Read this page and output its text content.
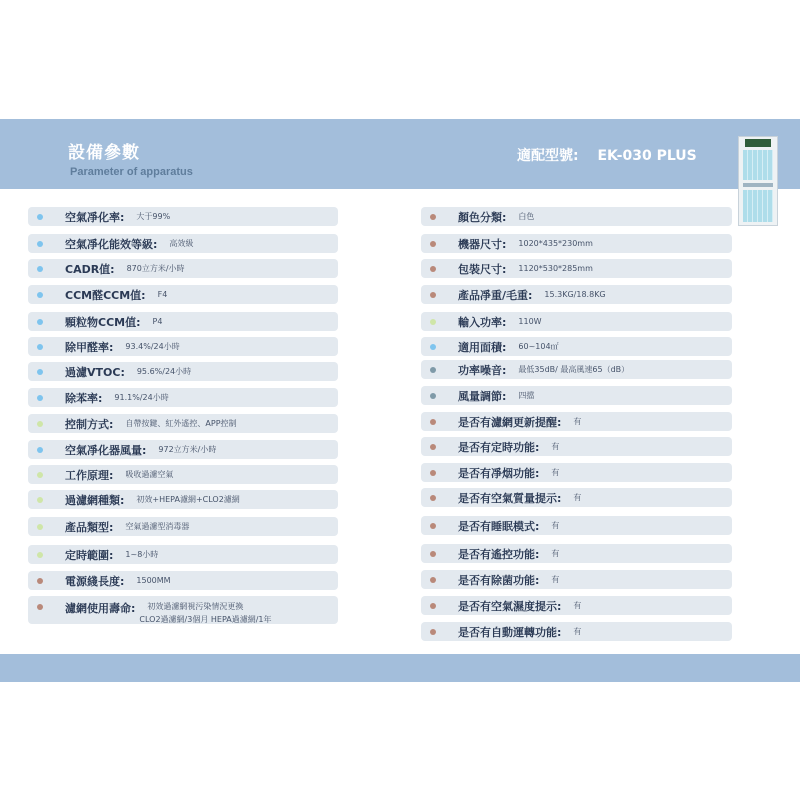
設備參數
Parameter of apparatus
適配型號: EK-030 PLUS
空氣凈化率: 大于99%
空氣凈化能效等級: 高效級
CADR值: 870立方米/小時
CCM醛CCM值: F4
顆粒物CCM值: P4
除甲醛率: 93.4%/24小時
過濾VTOC: 95.6%/24小時
除苯率: 91.1%/24小時
控制方式: 自帶按鍵、紅外遙控、APP控制
空氣凈化器風量: 972立方米/小時
工作原理: 吸收過濾空氣
過濾網種類: 初效+HEPA濾網+CLO2濾網
產品類型: 空氣過濾型消毒器
定時範圍: 1~8小時
電源綫長度: 1500MM
濾網使用壽命: 初效過濾網視污染情況更換
CLO2過濾網/3個月 HEPA過濾網/1年
顏色分類: 白色
機器尺寸: 1020*435*230mm
包裝尺寸: 1120*530*285mm
產品凈重/毛重: 15.3KG/18.8KG
輸入功率: 110W
適用面積: 60~104㎡
功率噪音: 最低35dB/ 最高風速65（dB）
風量調節: 四擋
是否有濾網更新提醒: 有
是否有定時功能: 有
是否有凈烟功能: 有
是否有空氣質量提示: 有
是否有睡眠模式: 有
是否有遙控功能: 有
是否有除菌功能: 有
是否有空氣濕度提示: 有
是否有自動運轉功能: 有
